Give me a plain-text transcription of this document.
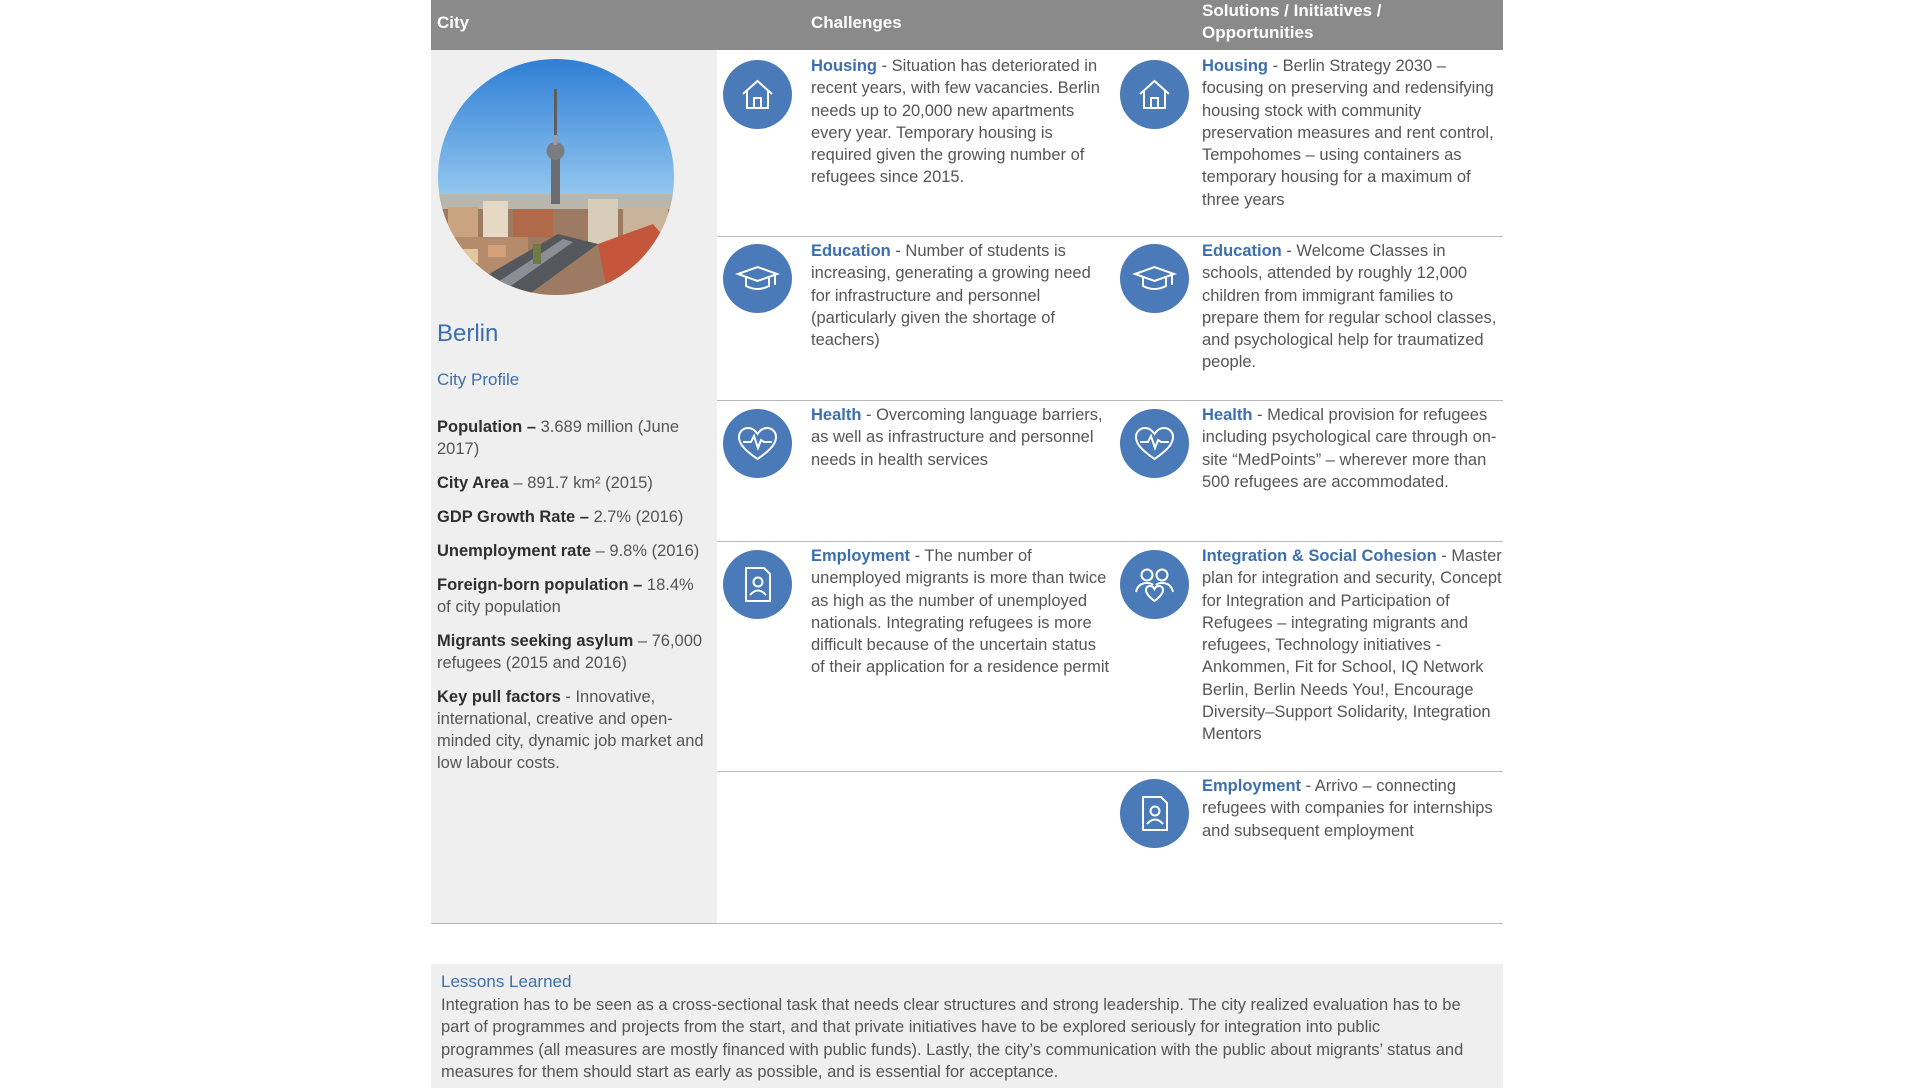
City	Challenges
Solutions / Initiatives / Opportunities
Berlin
City Profile
Population – 3.689 million (June 2017)
City Area – 891.7 km² (2015)
GDP Growth Rate – 2.7% (2016)
Unemployment rate – 9.8% (2016)
Foreign-born population – 18.4% of city population
Migrants seeking asylum – 76,000 refugees (2015 and 2016)
Key pull factors - Innovative, international, creative and open-minded city, dynamic job market and low labour costs.
Housing - Situation has deteriorated in recent years, with few vacancies. Berlin needs up to 20,000 new apartments every year. Temporary housing is required given the growing number of refugees since 2015.
Education - Number of students is increasing, generating a growing need for infrastructure and personnel (particularly given the shortage of teachers)
Health - Overcoming language barriers, as well as infrastructure and personnel needs in health services
Employment - The number of unemployed migrants is more than twice as high as the number of unemployed nationals. Integrating refugees is more difficult because of the uncertain status of their application for a residence permit
Housing - Berlin Strategy 2030 – focusing on preserving and redensifying housing stock with community preservation measures and rent control, Tempohomes – using containers as temporary housing for a maximum of three years
Education - Welcome Classes in schools, attended by roughly 12,000 children from immigrant families to prepare them for regular school classes, and psychological help for traumatized people.
Health - Medical provision for refugees including psychological care through on-site “MedPoints” – wherever more than 500 refugees are accommodated.
Integration & Social Cohesion - Master plan for integration and security, Concept for Integration and Participation of Refugees – integrating migrants and refugees, Technology initiatives - Ankommen, Fit for School, IQ Network Berlin, Berlin Needs You!, Encourage Diversity–Support Solidarity, Integration Mentors
Employment - Arrivo – connecting refugees with companies for internships and subsequent employment
Lessons Learned
Integration has to be seen as a cross-sectional task that needs clear structures and strong leadership. The city realized evaluation has to be part of programmes and projects from the start, and that private initiatives have to be explored seriously for integration into public programmes (all measures are mostly financed with public funds). Lastly, the city’s communication with the public about migrants’ status and measures for them should start as early as possible, and is essential for acceptance.
